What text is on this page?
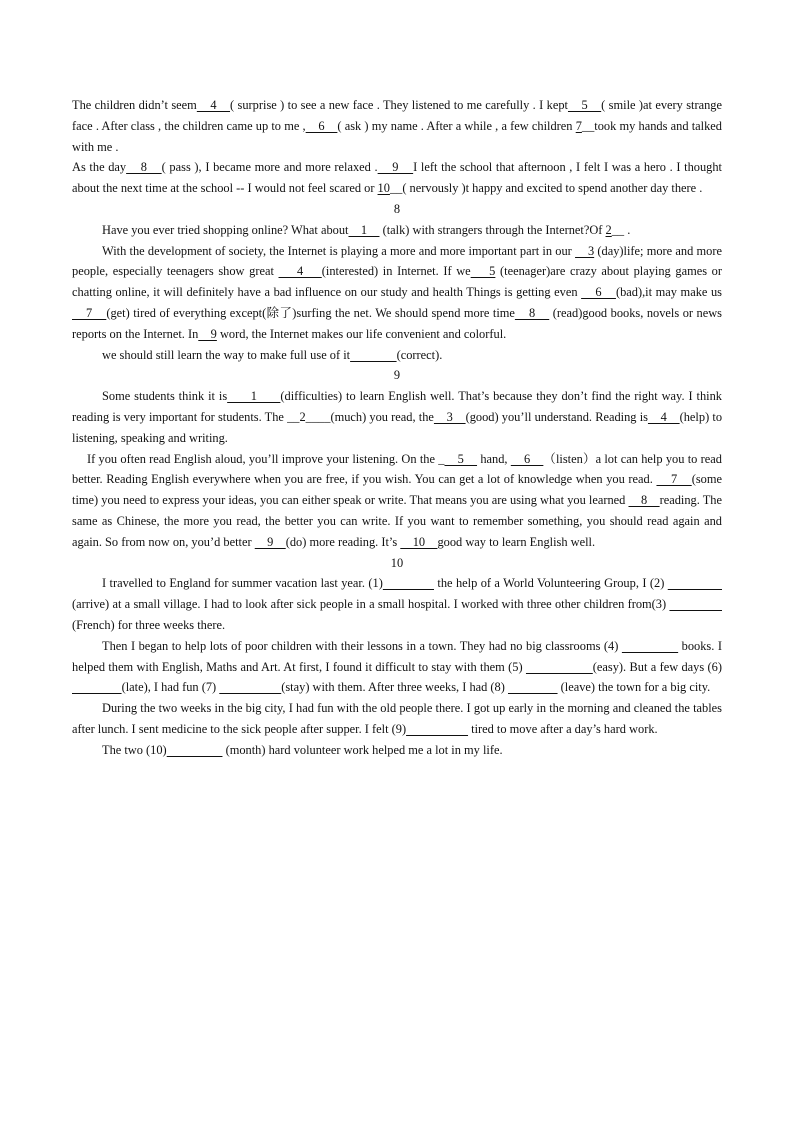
The children didn’t seem    4    ( surprise ) to see a new face . They listened to me carefully . I kept    5    ( smile )at every strange face . After class , the children came up to me ,    6    ( ask ) my name . After a while , a few children 7__took my hands and talked with me .

As the day    8    ( pass ), I became more and more relaxed .    9    I left the school that afternoon , I felt I was a hero . I thought about the next time at the school -- I would not feel scared or 10__( nervously )t happy and excited to spend another day there .

8

Have you ever tried shopping online? What about    1     (talk) with strangers through the Internet?Of 2__ .

With the development of society, the Internet is playing a more and more important part in our     3 (day)life; more and more people, especially teenagers show great     4    (interested) in Internet. If we    5 (teenager)are crazy about playing games or chatting online, it will definitely have a bad influence on our study and health Things is getting even     6    (bad),it may make us    7    (get) tired of everything except(除了)surfing the net. We should spend more time    8     (read)good books, novels or news reports on the Internet. In    9 word, the Internet makes our life convenient and colorful.

we should still learn the way to make full use of it	(correct).

9

Some students think it is      1      (difficulties) to learn English well. That’s because they don’t find the right way. I think reading is very important for students. The __2____(much) you read, the    3    (good) you’ll understand. Reading is    4    (help) to listening, speaking and writing.

If you often read English aloud, you’ll improve your listening. On the _    5     hand,     6    （listen）a lot can help you to read better. Reading English everywhere when you are free, if you wish. You can get a lot of knowledge when you read.     7    (some time) you need to express your ideas, you can either speak or write. That means you are using what you learned     8    reading. The same as Chinese, the more you read, the better you can write. If you want to remember something, you should read again and again. So from now on, you’d better     9    (do) more reading. It’s     10    good way to learn English well.

10

I travelled to England for summer vacation last year. (1)	the help of a World Volunteering Group, I (2)                  (arrive) at a small village. I had to look after sick people in a small hospital. I worked with three other children from(3)                  (French) for three weeks there.

Then I began to help lots of poor children with their lessons in a town. They had no big classrooms (4)	books. I helped them with English, Maths and Art. At first, I found it difficult to stay with them (5)	(easy). But a few days (6)                 (late), I had fun (7)	(stay) with them. After three weeks, I had (8)	(leave) the town for a big city.

During the two weeks in the big city, I had fun with the old people there. I got up early in the morning and cleaned the tables after lunch. I sent medicine to the sick people after supper. I felt (9)	tired to move after a day’s hard work.

The two (10)	(month) hard volunteer work helped me a lot in my life.
